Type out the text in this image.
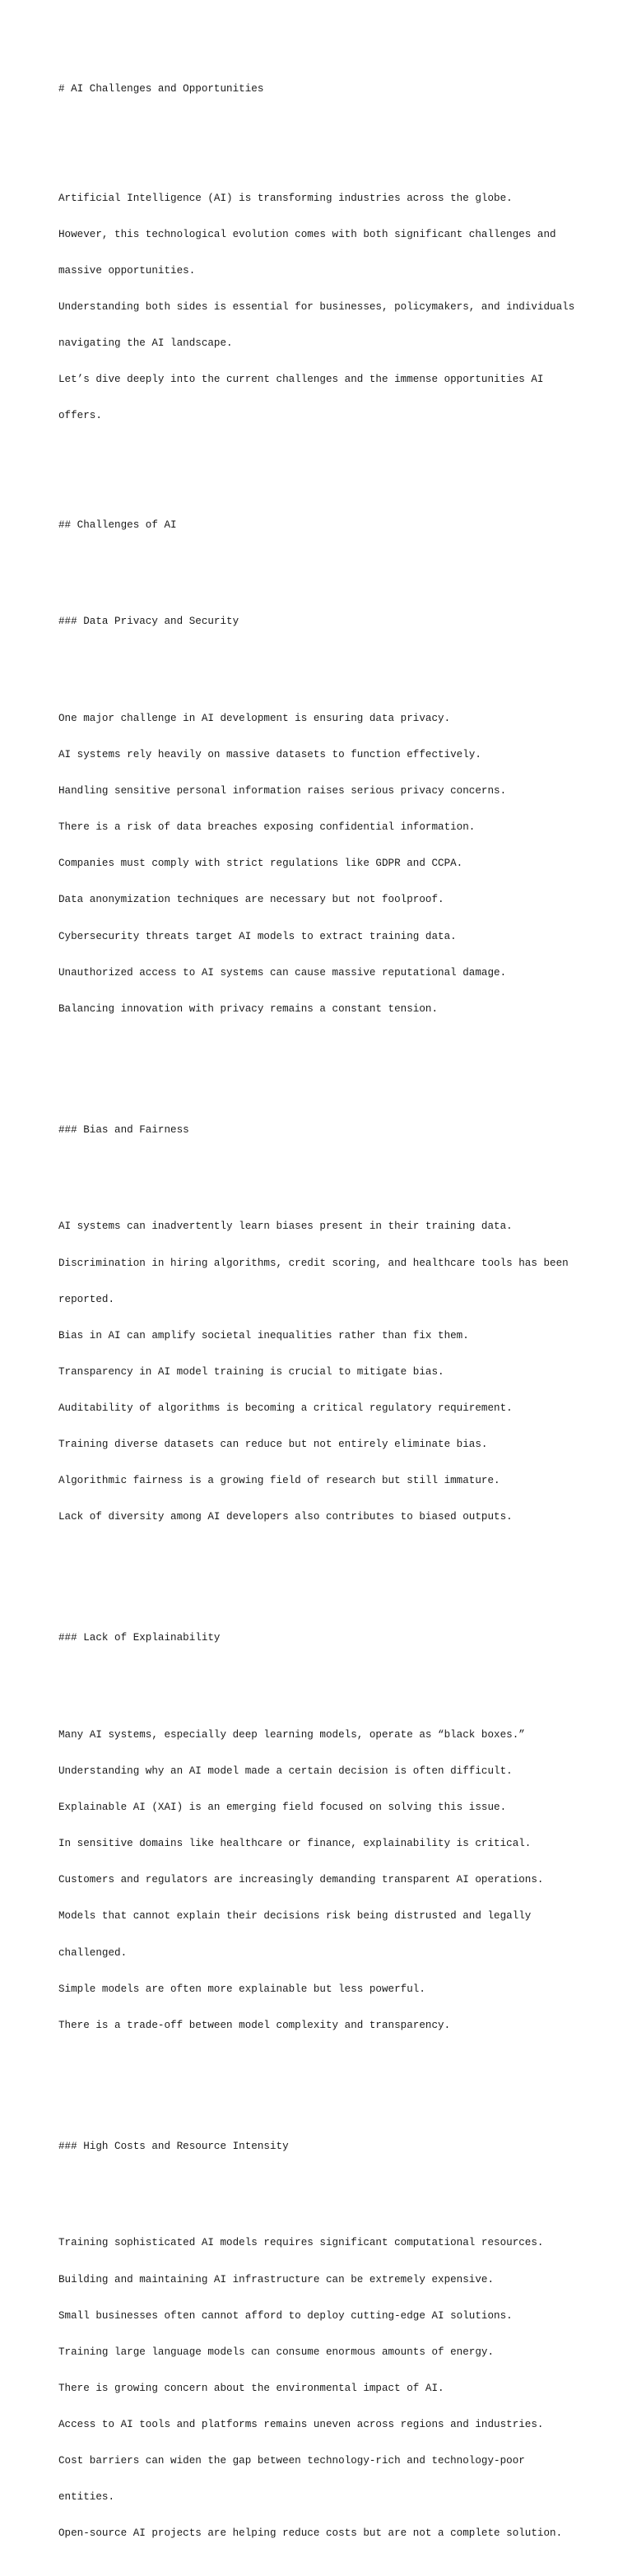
# AI Challenges and Opportunities

Artificial Intelligence (AI) is transforming industries across the globe.

However, this technological evolution comes with both significant challenges and

massive opportunities.

Understanding both sides is essential for businesses, policymakers, and individuals

navigating the AI landscape.

Let’s dive deeply into the current challenges and the immense opportunities AI

offers.

## Challenges of AI

### Data Privacy and Security

One major challenge in AI development is ensuring data privacy.

AI systems rely heavily on massive datasets to function effectively.

Handling sensitive personal information raises serious privacy concerns.

There is a risk of data breaches exposing confidential information.

Companies must comply with strict regulations like GDPR and CCPA.

Data anonymization techniques are necessary but not foolproof.

Cybersecurity threats target AI models to extract training data.

Unauthorized access to AI systems can cause massive reputational damage.

Balancing innovation with privacy remains a constant tension.

### Bias and Fairness

AI systems can inadvertently learn biases present in their training data.

Discrimination in hiring algorithms, credit scoring, and healthcare tools has been

reported.

Bias in AI can amplify societal inequalities rather than fix them.

Transparency in AI model training is crucial to mitigate bias.

Auditability of algorithms is becoming a critical regulatory requirement.

Training diverse datasets can reduce but not entirely eliminate bias.

Algorithmic fairness is a growing field of research but still immature.

Lack of diversity among AI developers also contributes to biased outputs.

### Lack of Explainability

Many AI systems, especially deep learning models, operate as “black boxes.”

Understanding why an AI model made a certain decision is often difficult.

Explainable AI (XAI) is an emerging field focused on solving this issue.

In sensitive domains like healthcare or finance, explainability is critical.

Customers and regulators are increasingly demanding transparent AI operations.

Models that cannot explain their decisions risk being distrusted and legally

challenged.

Simple models are often more explainable but less powerful.

There is a trade-off between model complexity and transparency.

### High Costs and Resource Intensity

Training sophisticated AI models requires significant computational resources.

Building and maintaining AI infrastructure can be extremely expensive.

Small businesses often cannot afford to deploy cutting-edge AI solutions.

Training large language models can consume enormous amounts of energy.

There is growing concern about the environmental impact of AI.

Access to AI tools and platforms remains uneven across regions and industries.

Cost barriers can widen the gap between technology-rich and technology-poor

entities.

Open-source AI projects are helping reduce costs but are not a complete solution.
